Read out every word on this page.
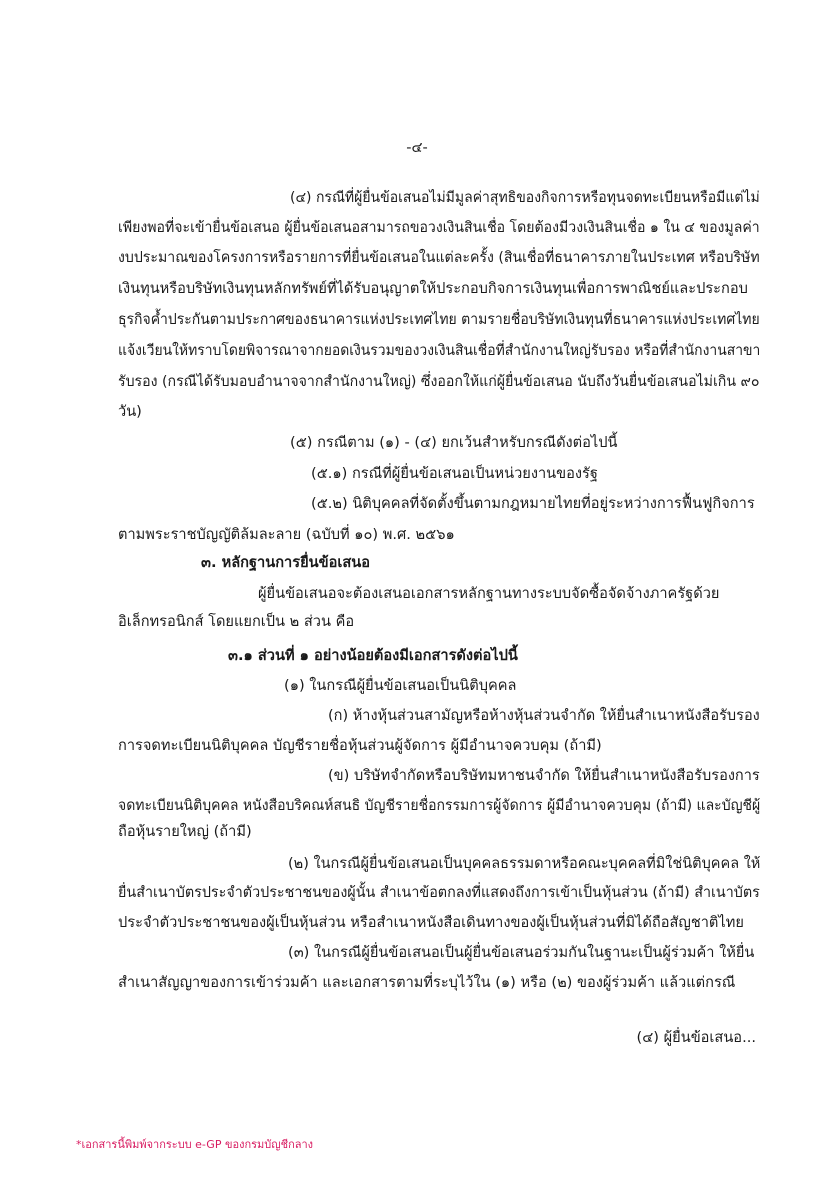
-๔-
(๔) กรณีที่ผู้ยื่นข้อเสนอไม่มีมูลค่าสุทธิของกิจการหรือทุนจดทะเบียนหรือมีแต่ไม่
เพียงพอที่จะเข้ายื่นข้อเสนอ ผู้ยื่นข้อเสนอสามารถขอวงเงินสินเชื่อ โดยต้องมีวงเงินสินเชื่อ ๑ ใน ๔ ของมูลค่า
งบประมาณของโครงการหรือรายการที่ยื่นข้อเสนอในแต่ละครั้ง (สินเชื่อที่ธนาคารภายในประเทศ หรือบริษัท
เงินทุนหรือบริษัทเงินทุนหลักทรัพย์ที่ได้รับอนุญาตให้ประกอบกิจการเงินทุนเพื่อการพาณิชย์และประกอบ
ธุรกิจค้ำประกันตามประกาศของธนาคารแห่งประเทศไทย ตามรายชื่อบริษัทเงินทุนที่ธนาคารแห่งประเทศไทย
แจ้งเวียนให้ทราบโดยพิจารณาจากยอดเงินรวมของวงเงินสินเชื่อที่สำนักงานใหญ่รับรอง หรือที่สำนักงานสาขา
รับรอง (กรณีได้รับมอบอำนาจจากสำนักงานใหญ่) ซึ่งออกให้แก่ผู้ยื่นข้อเสนอ นับถึงวันยื่นข้อเสนอไม่เกิน ๙๐
วัน)
(๕) กรณีตาม (๑) - (๔) ยกเว้นสำหรับกรณีดังต่อไปนี้
(๕.๑) กรณีที่ผู้ยื่นข้อเสนอเป็นหน่วยงานของรัฐ
(๕.๒) นิติบุคคลที่จัดตั้งขึ้นตามกฎหมายไทยที่อยู่ระหว่างการฟื้นฟูกิจการ
ตามพระราชบัญญัติล้มละลาย (ฉบับที่ ๑๐) พ.ศ. ๒๕๖๑
๓. หลักฐานการยื่นข้อเสนอ
ผู้ยื่นข้อเสนอจะต้องเสนอเอกสารหลักฐานทางระบบจัดซื้อจัดจ้างภาครัฐด้วย
อิเล็กทรอนิกส์ โดยแยกเป็น ๒ ส่วน คือ
๓.๑ ส่วนที่ ๑ อย่างน้อยต้องมีเอกสารดังต่อไปนี้
(๑) ในกรณีผู้ยื่นข้อเสนอเป็นนิติบุคคล
(ก) ห้างหุ้นส่วนสามัญหรือห้างหุ้นส่วนจำกัด ให้ยื่นสำเนาหนังสือรับรอง
การจดทะเบียนนิติบุคคล บัญชีรายชื่อหุ้นส่วนผู้จัดการ ผู้มีอำนาจควบคุม (ถ้ามี)
(ข) บริษัทจำกัดหรือบริษัทมหาชนจำกัด ให้ยื่นสำเนาหนังสือรับรองการ
จดทะเบียนนิติบุคคล หนังสือบริคณห์สนธิ บัญชีรายชื่อกรรมการผู้จัดการ ผู้มีอำนาจควบคุม (ถ้ามี) และบัญชีผู้
ถือหุ้นรายใหญ่ (ถ้ามี)
(๒) ในกรณีผู้ยื่นข้อเสนอเป็นบุคคลธรรมดาหรือคณะบุคคลที่มิใช่นิติบุคคล ให้
ยื่นสำเนาบัตรประจำตัวประชาชนของผู้นั้น สำเนาข้อตกลงที่แสดงถึงการเข้าเป็นหุ้นส่วน (ถ้ามี) สำเนาบัตร
ประจำตัวประชาชนของผู้เป็นหุ้นส่วน หรือสำเนาหนังสือเดินทางของผู้เป็นหุ้นส่วนที่มิได้ถือสัญชาติไทย
(๓) ในกรณีผู้ยื่นข้อเสนอเป็นผู้ยื่นข้อเสนอร่วมกันในฐานะเป็นผู้ร่วมค้า ให้ยื่น
สำเนาสัญญาของการเข้าร่วมค้า และเอกสารตามที่ระบุไว้ใน (๑) หรือ (๒) ของผู้ร่วมค้า แล้วแต่กรณี
(๔) ผู้ยื่นข้อเสนอ...
*เอกสารนี้พิมพ์จากระบบ e-GP ของกรมบัญชีกลาง
